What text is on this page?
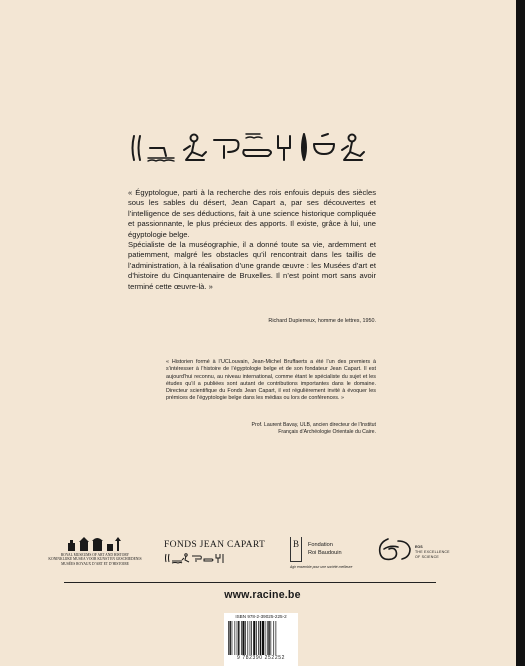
« Égyptologue, parti à la recherche des rois enfouis depuis des siècles sous les sables du désert, Jean Capart a, par ses découvertes et l’intelligence de ses déductions, fait à une science historique compliquée et passionnante, le plus précieux des apports. Il existe, grâce à lui, une égyptologie belge.

Spécialiste de la muséographie, il a donné toute sa vie, ardemment et patiemment, malgré les obstacles qu’il rencontrait dans les taillis de l’administration, à la réalisation d’une grande œuvre : les Musées d’art et d’histoire du Cinquantenaire de Bruxelles. Il n’est point mort sans avoir terminé cette œuvre-là. »

Richard Dupierreux, homme de lettres, 1950.
« Historien formé à l’UCLouvain, Jean-Michel Bruffaerts a été l’un des premiers à s’intéresser à l’histoire de l’égyptologie belge et de son fondateur Jean Capart. Il est aujourd’hui reconnu, au niveau international, comme étant le spécialiste du sujet et les études qu’il a publiées sont autant de contributions importantes dans le domaine. Directeur scientifique du Fonds Jean Capart, il est régulièrement invité à évoquer les prémices de l’égyptologie belge dans les médias ou lors de conférences. »
Prof. Laurent Bavay, ULB, ancien directeur de l’Institut
Français d’Archéologie Orientale du Caire.
ROYAL MUSEUMS OF ART AND HISTORY
KONINKLIJKE MUSEA VOOR KUNST EN GESCHIEDENIS
MUSÉES ROYAUX D’ART ET D’HISTOIRE
FONDS JEAN CAPART	B	Fondation
Roi Baudouin
Agir ensemble pour une société meilleure
EOS
THE EXCELLENCE
OF SCIENCE
www.racine.be
ISBN 978-2-39025-225-2
9 782390 252252
